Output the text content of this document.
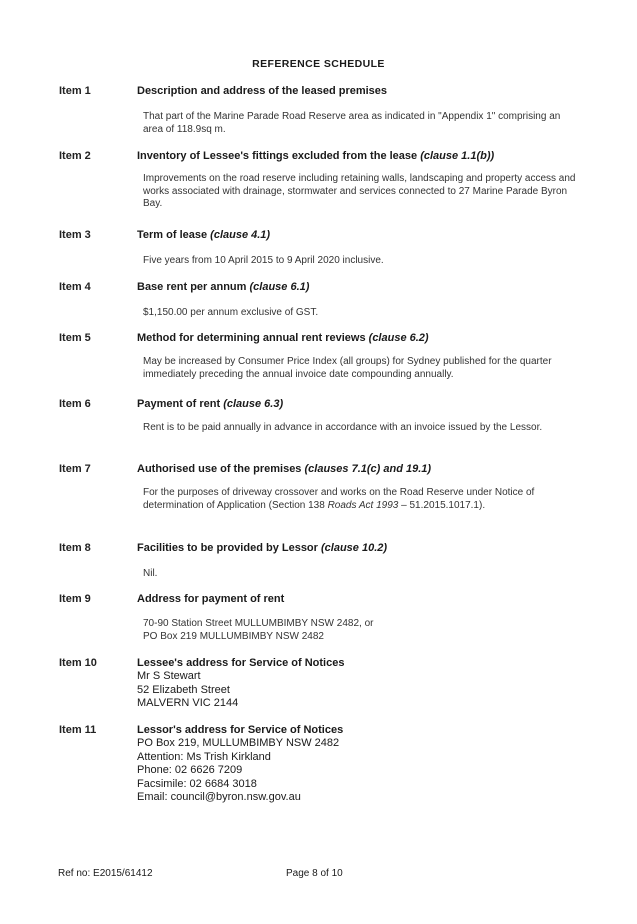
REFERENCE SCHEDULE
Item 1	Description and address of the leased premises
That part of the Marine Parade Road Reserve area as indicated in "Appendix 1" comprising an area of 118.9sq m.
Item 2	Inventory of Lessee's fittings excluded from the lease (clause 1.1(b))
Improvements on the road reserve including retaining walls, landscaping and property access and works associated with drainage, stormwater and services connected to 27 Marine Parade Byron Bay.
Item 3	Term of lease (clause 4.1)
Five years from 10 April 2015 to 9 April 2020 inclusive.
Item 4	Base rent per annum (clause 6.1)
$1,150.00 per annum exclusive of GST.
Item 5	Method for determining annual rent reviews (clause 6.2)
May be increased by Consumer Price Index (all groups) for Sydney published for the quarter immediately preceding the annual invoice date compounding annually.
Item 6	Payment of rent (clause 6.3)
Rent is to be paid annually in advance in accordance with an invoice issued by the Lessor.
Item 7	Authorised use of the premises (clauses 7.1(c) and 19.1)
For the purposes of driveway crossover and works on the Road Reserve under Notice of determination of Application (Section 138 Roads Act 1993 – 51.2015.1017.1).
Item 8	Facilities to be provided by Lessor (clause 10.2)
Nil.
Item 9	Address for payment of rent
70-90 Station Street MULLUMBIMBY NSW 2482, or
PO Box 219 MULLUMBIMBY NSW 2482
Item 10	Lessee's address for Service of Notices
Mr S Stewart
52 Elizabeth Street
MALVERN VIC 2144
Item 11	Lessor's address for Service of Notices
PO Box 219, MULLUMBIMBY NSW 2482
Attention: Ms Trish Kirkland
Phone: 02 6626 7209
Facsimile: 02 6684 3018
Email: council@byron.nsw.gov.au
Ref no: E2015/61412	Page 8 of 10
